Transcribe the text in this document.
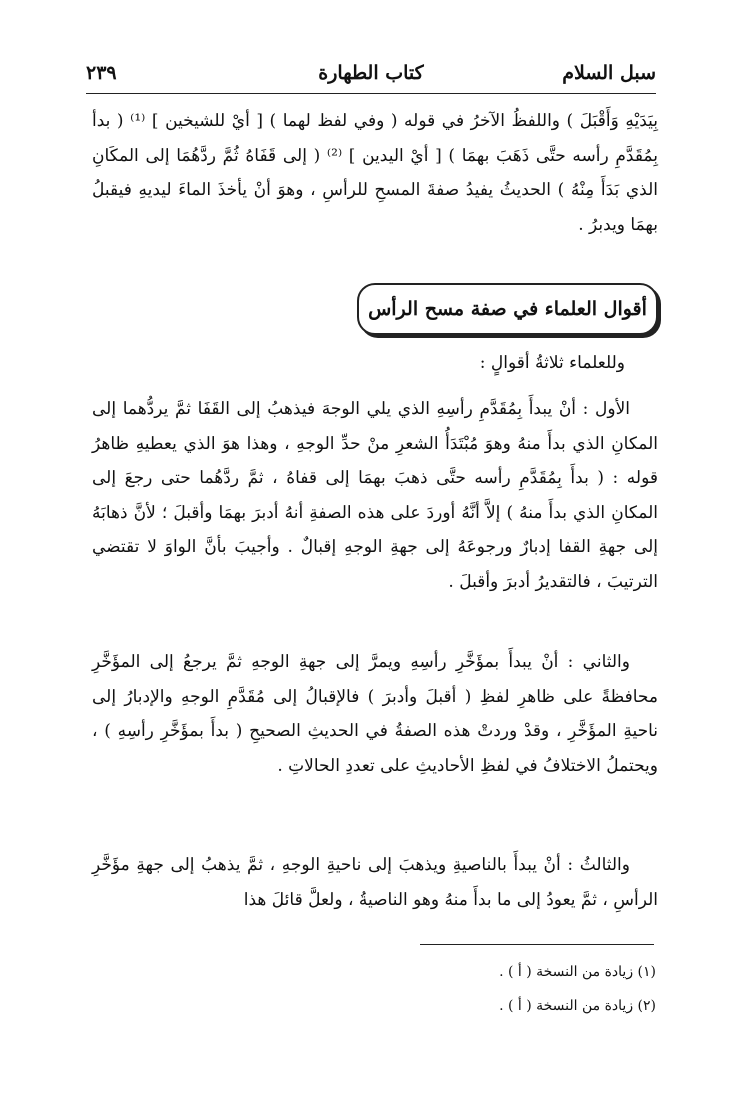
سبل السلام
كتاب الطهارة
٢٣٩

بِيَدَيْهِ وَأَقْبَلَ ) واللفظُ الآخرُ في قوله ( وفي لفظ لهما ) [ أيْ للشيخين ] ⁽¹⁾ ( بدأ بِمُقَدَّمِ رأسه حتَّى ذَهَبَ بهمَا ) [ أيْ اليدين ] ⁽²⁾ ( إلى قَفَاهُ ثُمَّ ردَّهُمَا إلى المكَانِ الذي بَدَأَ مِنْهُ ) الحديثُ يفيدُ صفةَ المسحِ للرأسِ ، وهوَ أنْ يأخذَ الماءَ ليديهِ فيقبلُ بهمَا ويدبرُ .

أقوال العلماء في صفة مسح الرأس
وللعلماء ثلاثةُ أقوالٍ :

الأول : أنْ يبدأَ بِمُقَدَّمِ رأسِهِ الذي يلي الوجهَ فيذهبُ إلى القَفَا ثمَّ يردُّهما إلى المكانِ الذي بدأَ منهُ وهوَ مُبْتَدَأُ الشعرِ منْ حدِّ الوجهِ ، وهذا هوَ الذي يعطيهِ ظاهرُ قوله : ( بدأَ بِمُقَدَّمِ رأسه حتَّى ذهبَ بهمَا إلى قفاهُ ، ثمَّ ردَّهُما حتى رجعَ إلى المكانِ الذي بدأَ منهُ ) إلاَّ أنَّهُ أوردَ على هذه الصفةِ أنهُ أدبرَ بهمَا وأقبلَ ؛ لأنَّ ذهابَهُ إلى جهةِ القفا إدبارٌ ورجوعَهُ إلى جهةِ الوجهِ إقبالٌ . وأجيبَ بأنَّ الواوَ لا تقتضي الترتيبَ ، فالتقديرُ أدبرَ وأقبلَ .

والثاني : أنْ يبدأَ بمؤَخَّرِ رأسِهِ ويمرَّ إلى جهةِ الوجهِ ثمَّ يرجعُ إلى المؤَخَّرِ محافظةً على ظاهرِ لفظِ ( أقبلَ وأدبرَ ) فالإقبالُ إلى مُقَدَّمِ الوجهِ والإدبارُ إلى ناحيةِ المؤَخَّرِ ، وقدْ وردتْ هذه الصفةُ في الحديثِ الصحيحِ ( بدأَ بمؤَخَّرِ رأسِهِ ) ، ويحتملُ الاختلافُ في لفظِ الأحاديثِ على تعددِ الحالاتِ .

والثالثُ : أنْ يبدأَ بالناصيةِ ويذهبَ إلى ناحيةِ الوجهِ ، ثمَّ يذهبُ إلى جهةِ مؤَخَّرِ الرأسِ ، ثمَّ يعودُ إلى ما بدأَ منهُ وهو الناصيةُ ، ولعلَّ قائلَ هذا

(١) زيادة من النسخة ( أ ) .
(٢) زيادة من النسخة ( أ ) .
